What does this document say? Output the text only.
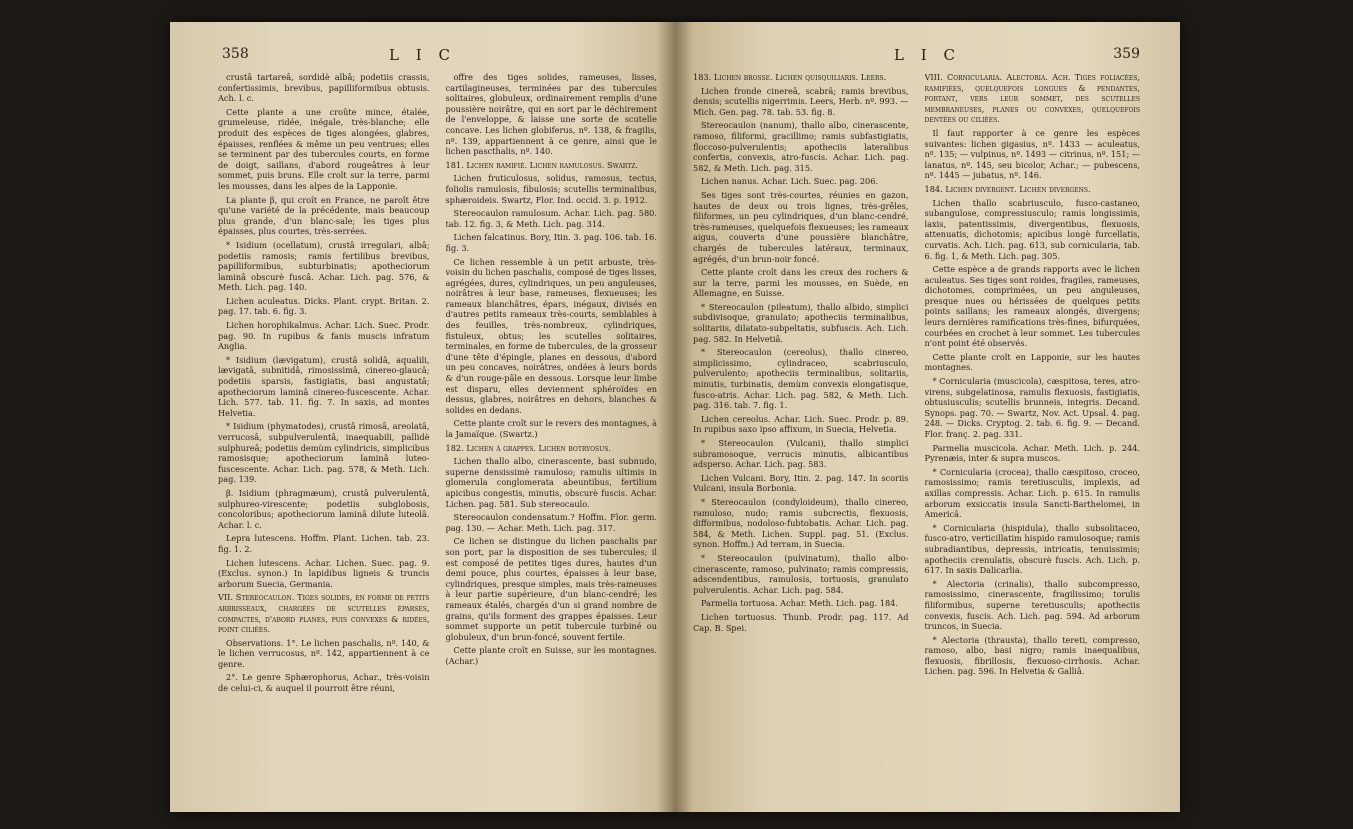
358	L I C

crustâ tartareâ, sordidè albâ; podetiis crassis, confertissimis, brevibus, papilliformibus obtusis. Ach. l. c.

Cette plante a une croûte mince, étalée, grumeleuse, ridée, inégale, très-blanche; elle produit des espèces de tiges alongées, glabres, épaisses, renflées & même un peu ventrues; elles se terminent par des tubercules courts, en forme de doigt, saillans, d'abord rougeâtres à leur sommet, puis bruns. Elle croît sur la terre, parmi les mousses, dans les alpes de la Lapponie.

La plante β, qui croît en France, ne paroît être qu'une variété de la précédente, mais beaucoup plus grande, d'un blanc-sale; les tiges plus épaisses, plus courtes, très-serrées.

* Isidium (ocellatum), crustâ irregulari, albâ; podetiis ramosis; ramis fertilibus brevibus, papilliformibus, subturbinatis; apotheciorum laminâ obscurè fuscâ. Achar. Lich. pag. 576, & Meth. Lich. pag. 140.

Lichen aculeatus. Dicks. Plant. crypt. Britan. 2. pag. 17. tab. 6. fig. 3.

Lichen horophikalmus. Achar. Lich. Suec. Prodr. pag. 90. In rupibus & fanis muscis infratum Anglia.

* Isidium (lævigatum), crustâ solidâ, aqualili, lævigatâ, subnitidâ, rimosissimâ, cinereo-glaucâ; podetiis sparsis, fastigiatis, basi angustatâ; apotheciorum laminâ cinereo-fuscescente. Achar. Lich. 577. tab. 11. fig. 7. In saxis, ad montes Helvetia.

* Isidium (phymatodes), crustâ rimosâ, areolatâ, verrucosâ, subpulverulentâ, inaequabili, pallidè sulphureâ; podetiis demùm cylindricis, simplicibus ramosisque; apotheciorum laminâ luteo-fuscescente. Achar. Lich. pag. 578, & Meth. Lich. pag. 139.

β. Isidium (phragmæum), crustâ pulverulentâ, sulphureo-virescente; podetiis subglobosis, concoloribus; apotheciorum laminâ dilute luteolâ. Achar. l. c.

Lepra lutescens. Hoffm. Plant. Lichen. tab. 23. fig. 1. 2.

Lichen lutescens. Achar. Lichen. Suec. pag. 9. (Exclus. synon.) In lapidibus ligneis & truncis arborum Suecia, Germania.

VII. Stereocaulon. Tiges solides, en forme de petits arbrisseaux, chargées de scutelles éparses, compactes, d'abord planes, puis convexes & ridées, point ciliées.

Observations. 1°. Le lichen paschalis, nº. 140, & le lichen verrucosus, nº. 142, appartiennent à ce genre.

2°. Le genre Sphærophorus, Achar., très-voisin de celui-ci, & auquel il pourroit être réuni,

offre des tiges solides, rameuses, lisses, cartilagineuses, terminées par des tubercules solitaires, globuleux, ordinairement remplis d'une poussière noirâtre, qui en sort par le déchirement de l'enveloppe, & laisse une sorte de scutelle concave. Les lichen globiferus, nº. 138, & fragilis, nº. 139, appartiennent à ce genre, ainsi que le lichen pascthalis, nº. 140.

181. Lichen ramifié. Lichen ramulosus. Swartz.

Lichen fruticulosus, solidus, ramosus, tectus, foliolis ramulosis, fibulosis; scutellis terminalibus, sphæroideis. Swartz, Flor. Ind. occid. 3. p. 1912.

Stereocaulon ramulosum. Achar. Lich. pag. 580. tab. 12. fig. 3, & Meth. Lich. pag. 314.

Lichen falcatinus. Bory, Itin. 3. pag. 106. tab. 16. fig. 3.

Ce lichen ressemble à un petit arbuste, très-voisin du lichen paschalis, composé de tiges lisses, agrégées, dures, cylindriques, un peu anguleuses, noirâtres à leur base, rameuses, flexueuses; les rameaux blanchâtres, épars, inégaux, divisés en d'autres petits rameaux très-courts, semblables à des feuilles, très-nombreux, cylindriques, fistuleux, obtus; les scutelles solitaires, terminales, en forme de tubercules, de la grosseur d'une tête d'épingle, planes en dessous, d'abord un peu concaves, noirâtres, ondées à leurs bords & d'un rouge-pâle en dessous. Lorsque leur limbe est disparu, elles deviennent sphéroïdes en dessus, glabres, noirâtres en dehors, blanches & solides en dedans.

Cette plante croît sur le revers des montagnes, à la Jamaïque. (Swartz.)

182. Lichen à grappes. Lichen botryosus.

Lichen thallo albo, cinerascente, basi subnudo, superne densissimè ramuloso; ramulis ultimis in glomerula conglomerata abeuntibus, fertilium apicibus congestis, minutis, obscurè fuscis. Achar. Lichen. pag. 581. Sub stereocaulo.

Stereocaulon condensatum.? Hoffm. Flor. germ. pag. 130. — Achar. Meth. Lich. pag. 317.

Ce lichen se distingue du lichen paschalis par son port, par la disposition de ses tubercules; il est composé de petites tiges dures, hautes d'un demi pouce, plus courtes, épaisses à leur base, cylindriques, presque simples, mais très-rameuses à leur partie supérieure, d'un blanc-cendré; les rameaux étalés, chargés d'un si grand nombre de grains, qu'ils forment des grappes épaisses. Leur sommet supporte un petit tubercule turbiné ou globuleux, d'un brun-foncé, souvent fertile.

Cette plante croît en Suisse, sur les montagnes. (Achar.)

L I C	359

183. Lichen brosse. Lichen quisquiliaris. Leers.

Lichen fronde cinereâ, scabrâ; ramis brevibus, densis; scutellis nigerrimis. Leers, Herb. nº. 993. — Mich. Gen. pag. 78. tab. 53. fig. 8.

Stereocaulon (nanum), thallo albo, cinerascente, ramoso, filiformi, gracillimo; ramis subfastigiatis, floccoso-pulverulentis; apotheciis lateralibus confertis, convexis, atro-fuscis. Achar. Lich. pag. 582, & Meth. Lich. pag. 315.

Lichen nanus. Achar. Lich. Suec. pag. 206.

Ses tiges sont très-courtes, réunies en gazon, hautes de deux ou trois lignes, très-grêles, filiformes, un peu cylindriques, d'un blanc-cendré, très-rameuses, quelquefois flexueuses; les rameaux aigus, couverts d'une poussière blanchâtre, chargés de tubercules latéraux, terminaux, agrégés, d'un brun-noir foncé.

Cette plante croît dans les creux des rochers & sur la terre, parmi les mousses, en Suède, en Allemagne, en Suisse.

* Stereocaulon (pileatum), thallo albido, simplici subdivisoque, granulato; apotheciis terminalibus, solitariis, dilatato-subpeltatis, subfuscis. Ach. Lich. pag. 582. In Helvetiâ.

* Stereocaulon (cereolus), thallo cinereo, simplicissimo, cylindraceo, scabriusculo, pulverulento; apotheciis terminalibus, solitariis, minutis, turbinatis, demùm convexis elongatisque, fusco-atris. Achar. Lich. pag. 582, & Meth. Lich. pag. 316. tab. 7. fig. 1.

Lichen cereolus. Achar. Lich. Suec. Prodr. p. 89. In rupibus saxo ipso affixum, in Suecia, Helvetia.

* Stereocaulon (Vulcani), thallo simplici subramosoque, verrucis minutis, albicantibus adsperso. Achar. Lich. pag. 583.

Lichen Vulcani. Bory, Itin. 2. pag. 147. In scoriis Vulcani, insula Borbonia.

* Stereocaulon (condyloideum), thallo cinereo, ramuloso, nudo; ramis subcrectis, flexuosis, difformibus, nodoloso-fubtobatis. Achar. Lich. pag. 584, & Meth. Lichen. Suppl. pag. 51. (Exclus. synon. Hoffm.) Ad terram, in Suecia.

* Stereocaulon (pulvinatum), thallo albo-cinerascente, ramoso, pulvinato; ramis compressis, adscendentibus, ramulosis, tortuosis, granulato pulverulentis. Achar. Lich. pag. 584.

Parmelia tortuosa. Achar. Meth. Lich. pag. 184.

Lichen tortuosus. Thunb. Prodr. pag. 117. Ad Cap. B. Spei.

VIII. Cornicularia. Alectoria. Ach. Tiges foliacées, ramifiées, quelquefois longues & pendantes, portant, vers leur sommet, des scutelles membraneuses, planes ou convexes, quelquefois dentées ou ciliées.

Il faut rapporter à ce genre les espèces suivantes: lichen gigasius, nº. 1433 — aculeatus, nº. 135; — vulpinus, nº. 1493 — citrinus, nº. 151; — lanatus, nº. 145, seu bicolor, Achar.; — pubescens, nº. 1445 — jubatus, nº. 146.

184. Lichen divergent. Lichen divergens.

Lichen thallo scabriusculo, fusco-castaneo, subangulose, compressiusculo; ramis longissimis, laxis, patentissimis, divergentibus, flexuosis, attenuatis, dichotomis; apicibus longè furcellatis, curvatis. Ach. Lich. pag. 613, sub cornicularia, tab. 6. fig. 1, & Meth. Lich. pag. 305.

Cette espèce a de grands rapports avec le lichen aculeatus. Ses tiges sont roides, fragiles, rameuses, dichotomes, comprimées, un peu anguleuses, presque nues ou hérissées de quelques petits points saillans; les rameaux alongés, divergens; leurs dernières ramifications très-fines, bifurquées, courbées en crochet à leur sommet. Les tubercules n'ont point été observés.

Cette plante croît en Lapponie, sur les hautes montagnes.

* Cornicularia (muscicola), cæspitosa, teres, atro-virens, subgelatinosa, ramulis flexuosis, fastigiatis, obtusiusculis; scutellis brunneis, integris. Decand. Synops. pag. 70. — Swartz, Nov. Act. Upsal. 4. pag. 248. — Dicks. Cryptog. 2. tab. 6. fig. 9. — Decand. Flor. franç. 2. pag. 331.

Parmelia muscicola. Achar. Meth. Lich. p. 244. Pyrenæis, inter & supra muscos.

* Cornicularia (crocea), thallo cæspitoso, croceo, ramosissimo; ramis teretiusculis, implexis, ad axillas compressis. Achar. Lich. p. 615. In ramulis arborum exsiccatis insula Sancti-Barthelomei, in Americâ.

* Cornicularia (hispidula), thallo subsolitaceo, fusco-atro, verticillatim hispido ramulosoque; ramis subradiantibus, depressis, intricatis, tenuissimis; apotheciis crenulatis, obscurè fuscis. Ach. Lich. p. 617. In saxis Dalicarlia.

* Alectoria (crinalis), thallo subcompresso, ramosissimo, cinerascente, fragilissimo; torulis filiformibus, superne teretiusculis; apotheciis convexis, fuscis. Ach. Lich. pag. 594. Ad arborum truncos, in Suecia.

* Alectoria (thrausta), thallo tereti, compresso, ramoso, albo, basi nigro; ramis inaequalibus, flexuosis, fibrillosis, flexuoso-cirrhosis. Achar. Lichen. pag. 596. In Helvetia & Galliâ.
